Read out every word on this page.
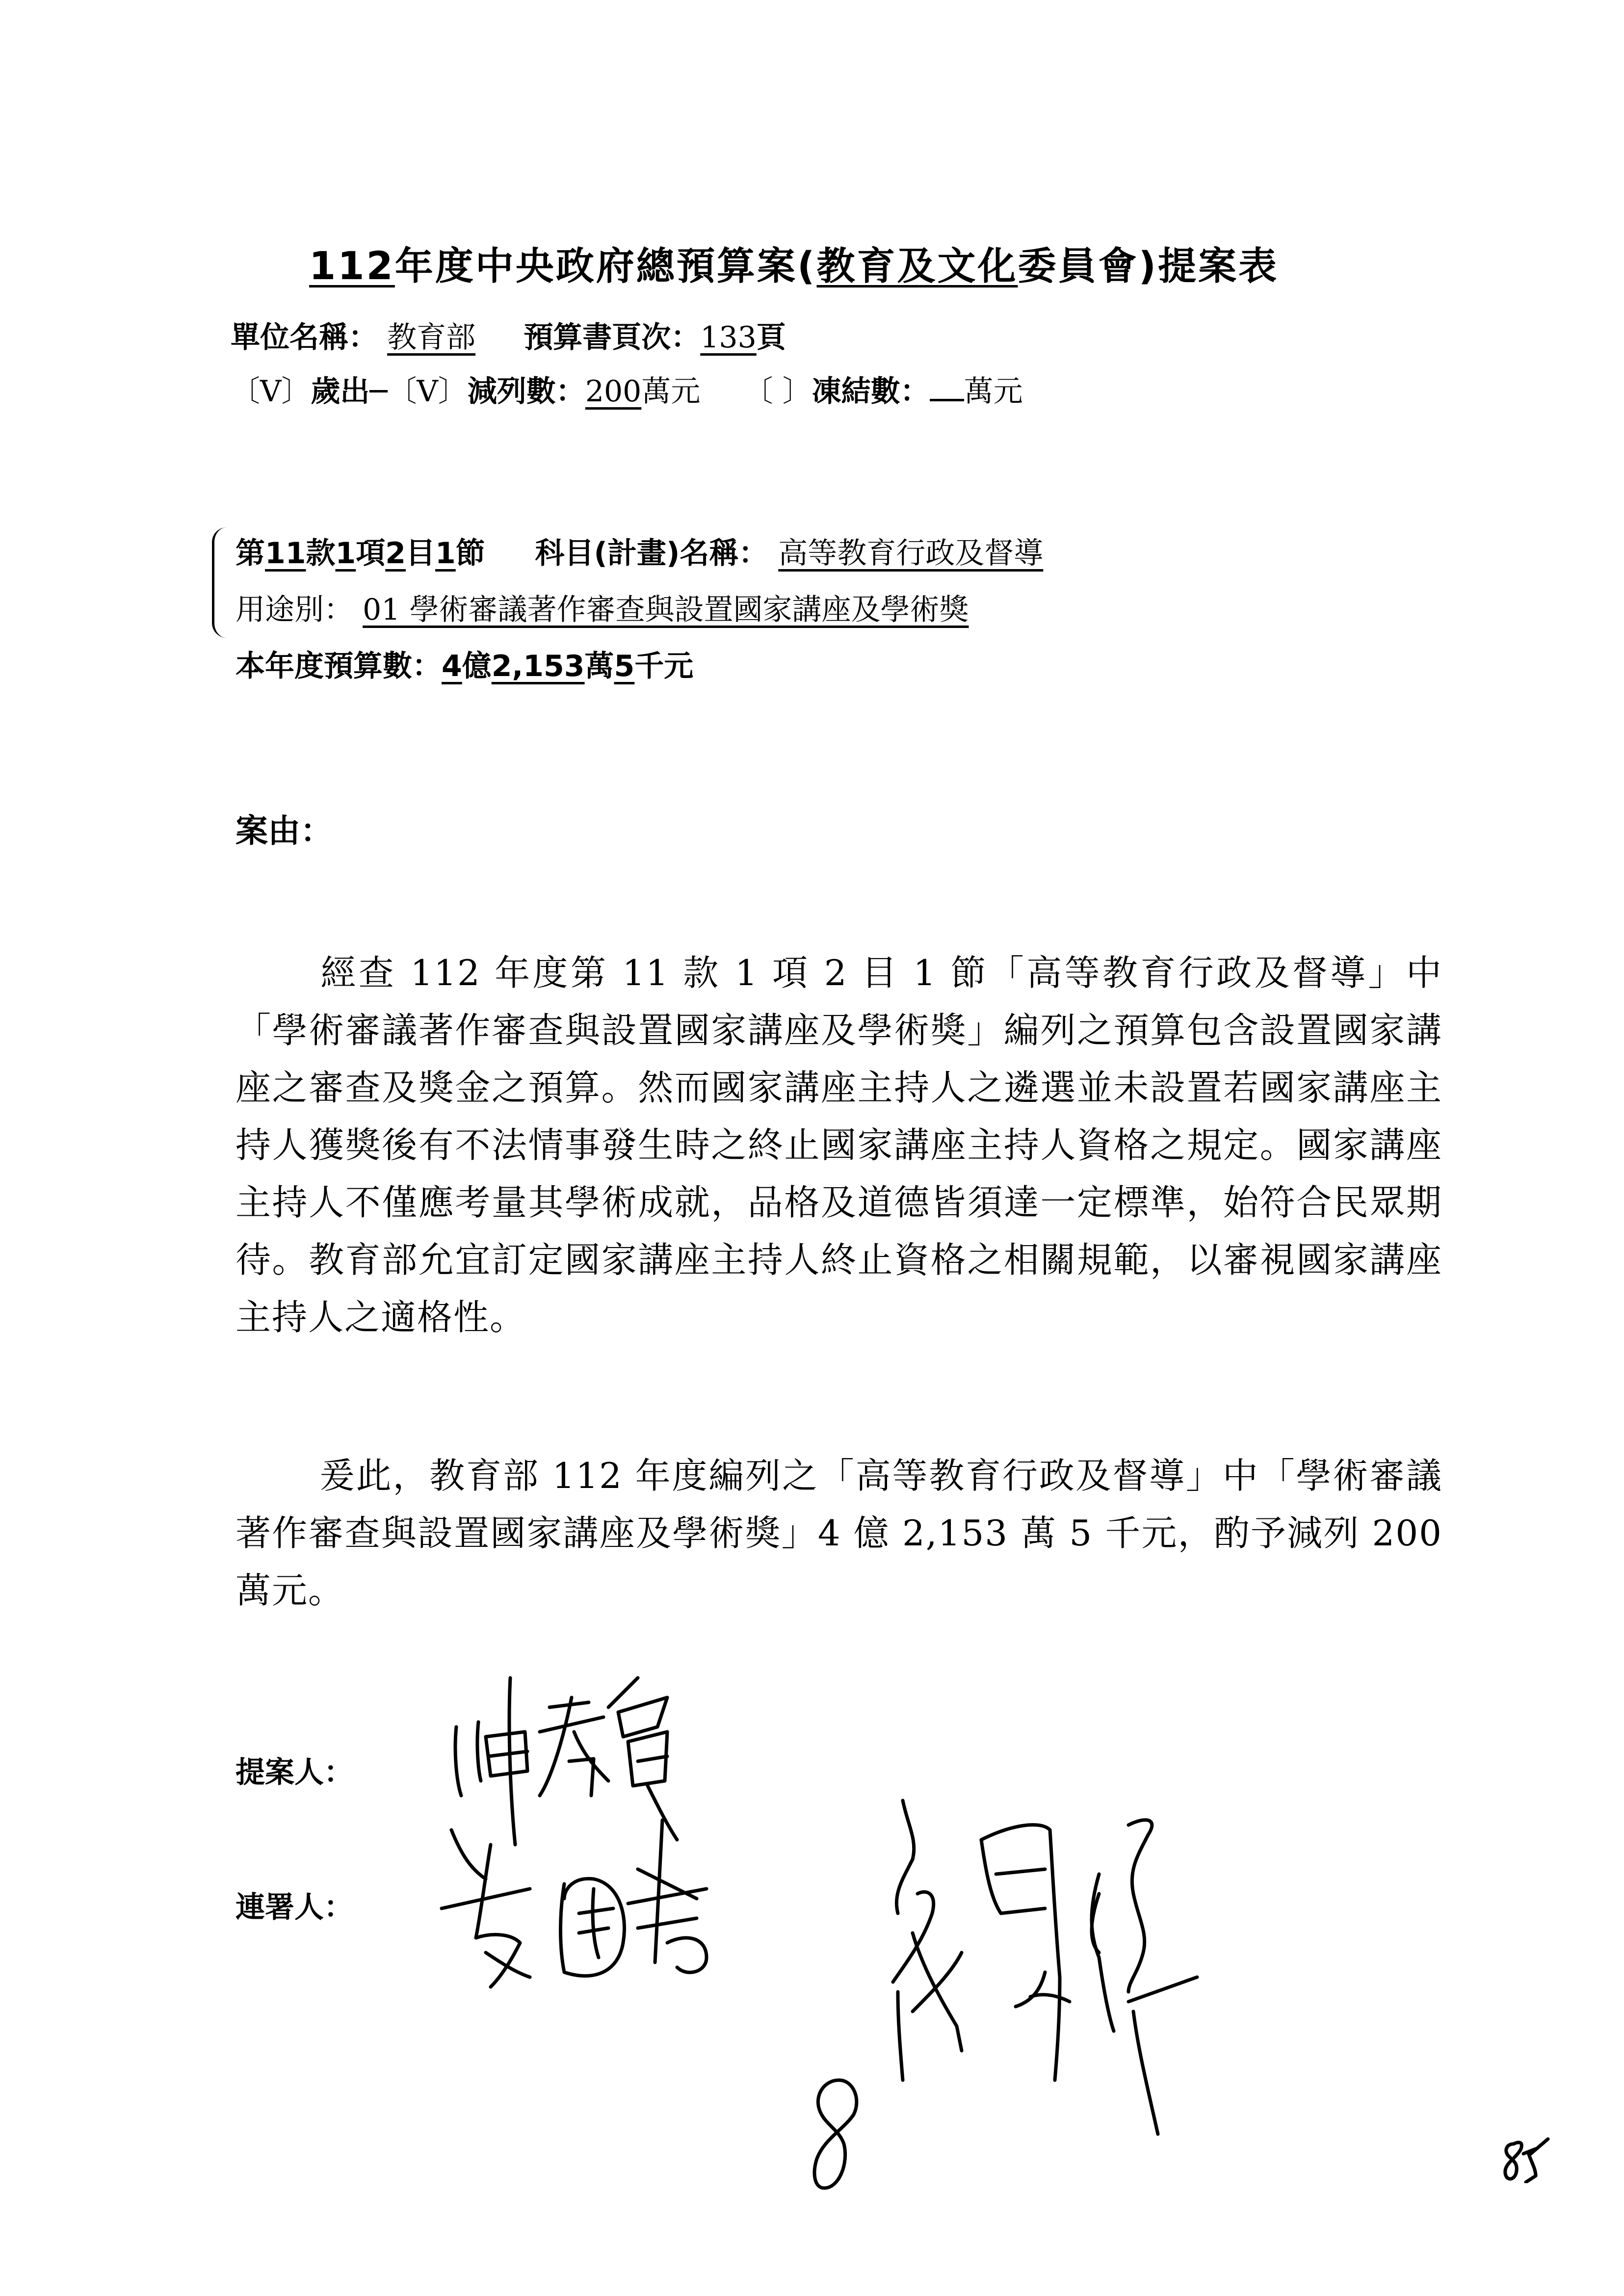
112年度中央政府總預算案(教育及文化委員會)提案表
單位名稱： 教育部 預算書頁次：133頁
〔V〕歲出─〔V〕減列數：200萬元 〔 〕凍結數： 萬元
第11款1項2目1節 科目(計畫)名稱： 高等教育行政及督導
用途別： 01 學術審議著作審查與設置國家講座及學術獎
本年度預算數：4億2,153萬5千元
案由：
經查 112 年度第 11 款 1 項 2 目 1 節「高等教育行政及督導」中「學術審議著作審查與設置國家講座及學術獎」編列之預算包含設置國家講座之審查及獎金之預算。然而國家講座主持人之遴選並未設置若國家講座主持人獲獎後有不法情事發生時之終止國家講座主持人資格之規定。國家講座主持人不僅應考量其學術成就，品格及道德皆須達一定標準，始符合民眾期待。教育部允宜訂定國家講座主持人終止資格之相關規範，以審視國家講座主持人之適格性。
爰此，教育部 112 年度編列之「高等教育行政及督導」中「學術審議著作審查與設置國家講座及學術獎」4 億 2,153 萬 5 千元，酌予減列 200 萬元。
提案人：
連署人：
陳秀寳
黃國書
吳思瑤
8
85
